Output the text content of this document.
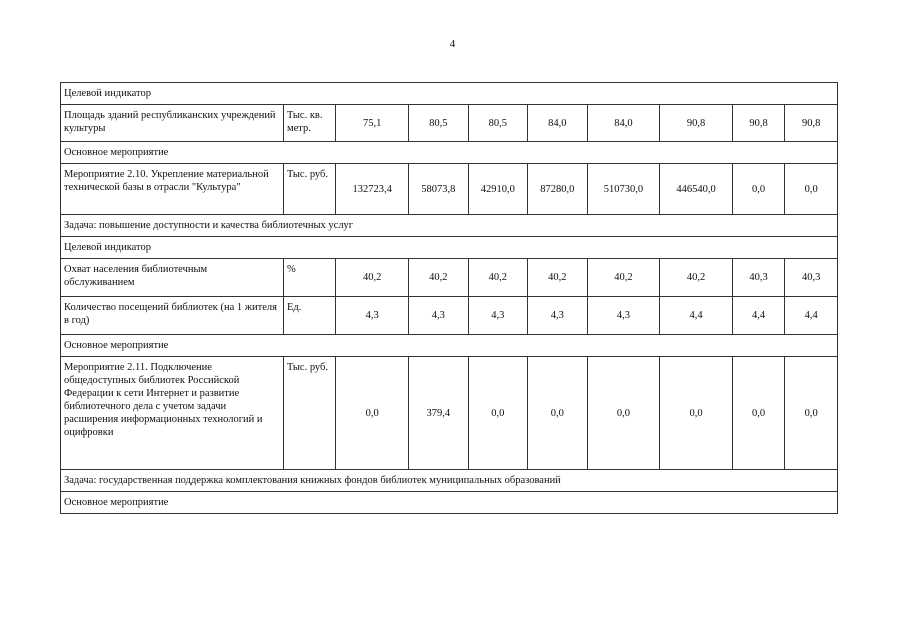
4
Целевой индикатор									
Площадь зданий республиканских учреждений культуры	Тыс. кв. метр.	75,1	80,5	80,5	84,0	84,0	90,8	90,8	90,8
Основное мероприятие									
Мероприятие 2.10. Укрепление материальной технической базы в отрасли "Культура"	Тыс. руб.	132723,4	58073,8	42910,0	87280,0	510730,0	446540,0	0,0	0,0
Задача: повышение доступности и качества библиотечных услуг									
Целевой индикатор									
Охват населения библиотечным обслуживанием	%	40,2	40,2	40,2	40,2	40,2	40,2	40,3	40,3
Количество посещений библиотек (на 1 жителя в год)	Ед.	4,3	4,3	4,3	4,3	4,3	4,4	4,4	4,4
Основное мероприятие									
Мероприятие 2.11. Подключение общедоступных библиотек Российской Федерации к сети Интернет и развитие библиотечного дела с учетом задачи расширения информационных технологий и оцифровки	Тыс. руб.	0,0	379,4	0,0	0,0	0,0	0,0	0,0	0,0
Задача: государственная поддержка комплектования книжных фондов библиотек муниципальных образований									
Основное мероприятие									
